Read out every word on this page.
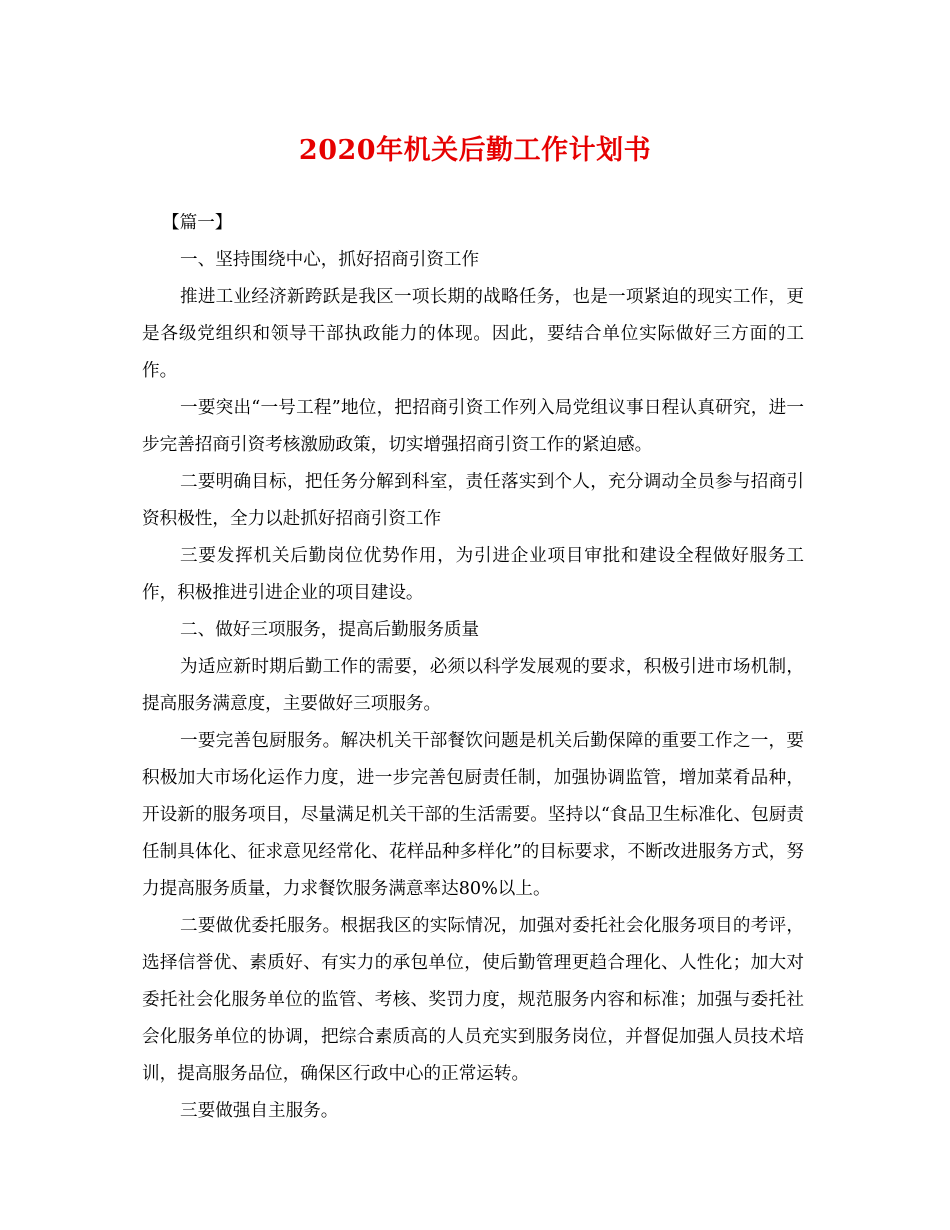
2020年机关后勤工作计划书

【篇一】

一、坚持围绕中心，抓好招商引资工作

推进工业经济新跨跃是我区一项长期的战略任务，也是一项紧迫的现实工作，更是各级党组织和领导干部执政能力的体现。因此，要结合单位实际做好三方面的工作。

一要突出“一号工程”地位，把招商引资工作列入局党组议事日程认真研究，进一步完善招商引资考核激励政策，切实增强招商引资工作的紧迫感。

二要明确目标，把任务分解到科室，责任落实到个人，充分调动全员参与招商引资积极性，全力以赴抓好招商引资工作

三要发挥机关后勤岗位优势作用，为引进企业项目审批和建设全程做好服务工作，积极推进引进企业的项目建设。

二、做好三项服务，提高后勤服务质量

为适应新时期后勤工作的需要，必须以科学发展观的要求，积极引进市场机制，提高服务满意度，主要做好三项服务。

一要完善包厨服务。解决机关干部餐饮问题是机关后勤保障的重要工作之一，要积极加大市场化运作力度，进一步完善包厨责任制，加强协调监管，增加菜肴品种，开设新的服务项目，尽量满足机关干部的生活需要。坚持以“食品卫生标准化、包厨责任制具体化、征求意见经常化、花样品种多样化”的目标要求，不断改进服务方式，努力提高服务质量，力求餐饮服务满意率达80%以上。

二要做优委托服务。根据我区的实际情况，加强对委托社会化服务项目的考评，选择信誉优、素质好、有实力的承包单位，使后勤管理更趋合理化、人性化；加大对委托社会化服务单位的监管、考核、奖罚力度，规范服务内容和标准；加强与委托社会化服务单位的协调，把综合素质高的人员充实到服务岗位，并督促加强人员技术培训，提高服务品位，确保区行政中心的正常运转。

三要做强自主服务。
